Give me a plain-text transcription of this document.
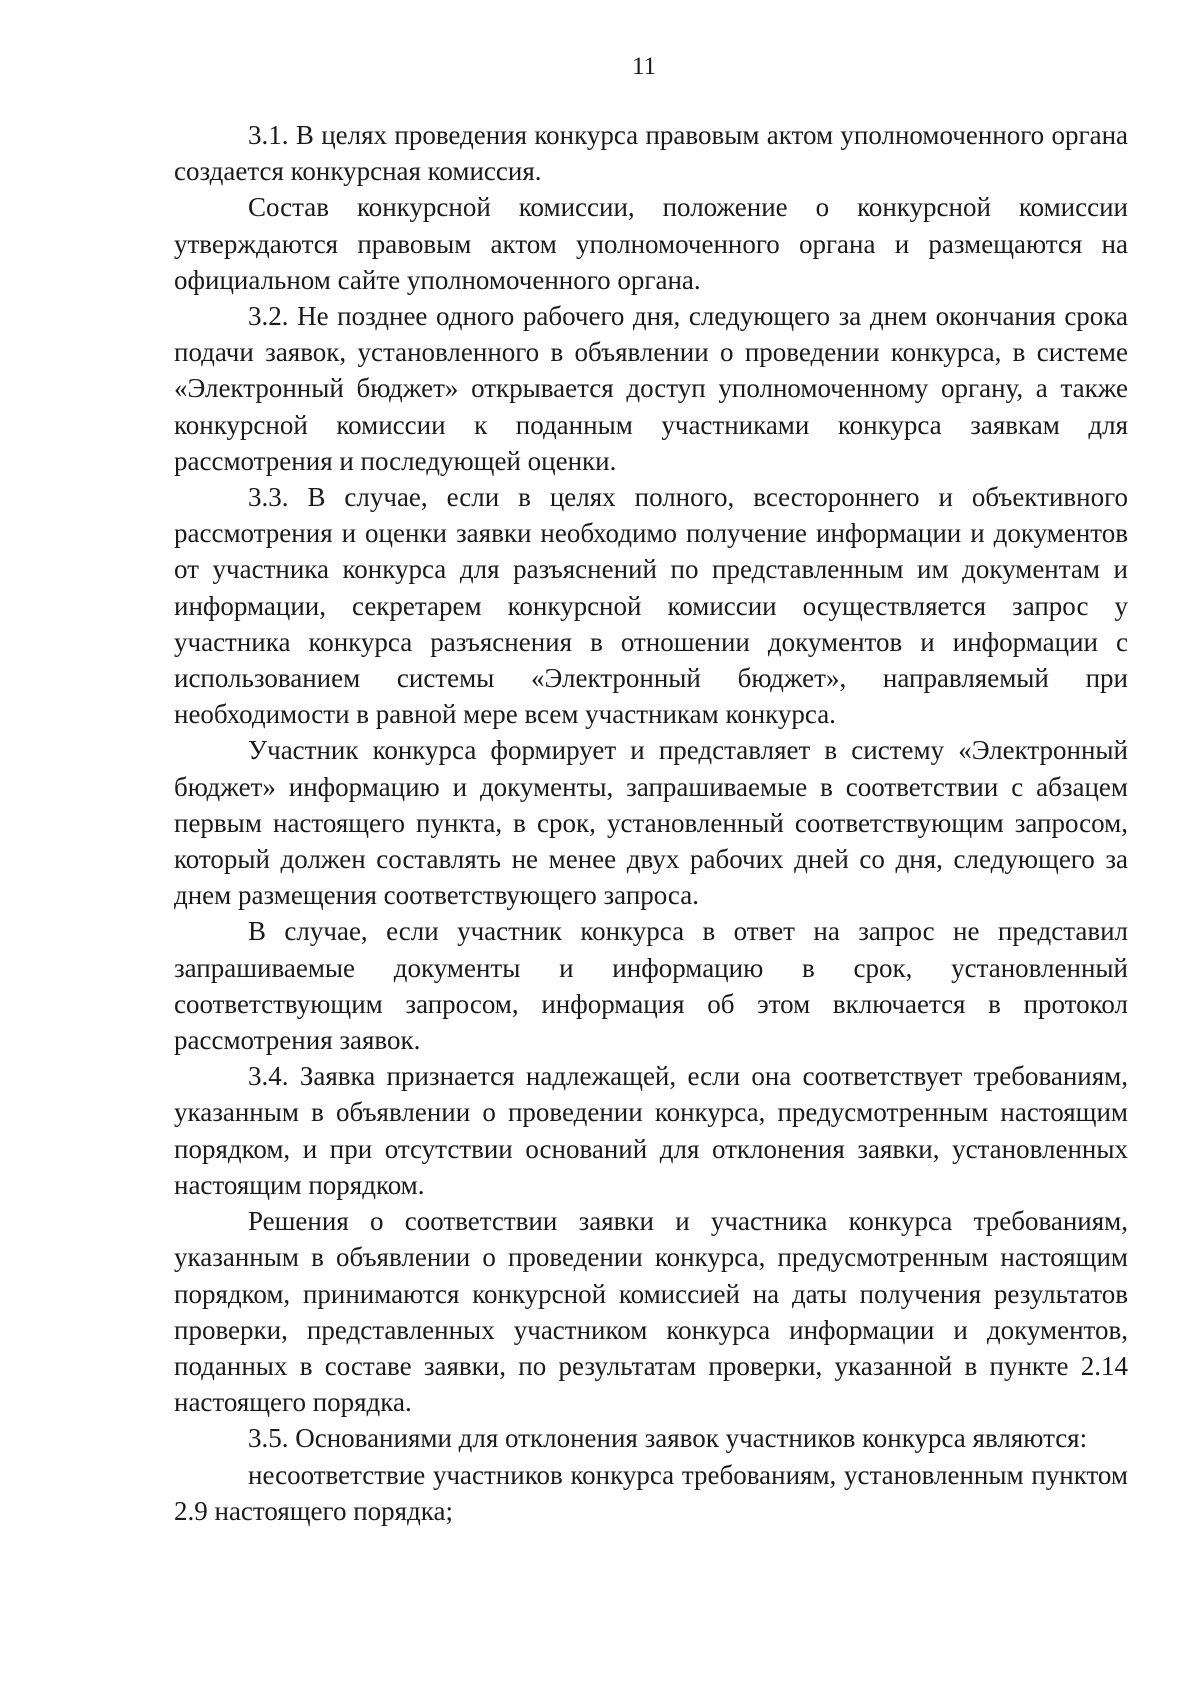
11

3.1. В целях проведения конкурса правовым актом уполномоченного органа создается конкурсная комиссия.

Состав конкурсной комиссии, положение о конкурсной комиссии утверждаются правовым актом уполномоченного органа и размещаются на официальном сайте уполномоченного органа.

3.2. Не позднее одного рабочего дня, следующего за днем окончания срока подачи заявок, установленного в объявлении о проведении конкурса, в системе «Электронный бюджет» открывается доступ уполномоченному органу, а также конкурсной комиссии к поданным участниками конкурса заявкам для рассмотрения и последующей оценки.

3.3. В случае, если в целях полного, всестороннего и объективного рассмотрения и оценки заявки необходимо получение информации и документов от участника конкурса для разъяснений по представленным им документам и информации, секретарем конкурсной комиссии осуществляется запрос у участника конкурса разъяснения в отношении документов и информации с использованием системы «Электронный бюджет», направляемый при необходимости в равной мере всем участникам конкурса.

Участник конкурса формирует и представляет в систему «Электронный бюджет» информацию и документы, запрашиваемые в соответствии с абзацем первым настоящего пункта, в срок, установленный соответствующим запросом, который должен составлять не менее двух рабочих дней со дня, следующего за днем размещения соответствующего запроса.

В случае, если участник конкурса в ответ на запрос не представил запрашиваемые документы и информацию в срок, установленный соответствующим запросом, информация об этом включается в протокол рассмотрения заявок.

3.4. Заявка признается надлежащей, если она соответствует требованиям, указанным в объявлении о проведении конкурса, предусмотренным настоящим порядком, и при отсутствии оснований для отклонения заявки, установленных настоящим порядком.

Решения о соответствии заявки и участника конкурса требованиям, указанным в объявлении о проведении конкурса, предусмотренным настоящим порядком, принимаются конкурсной комиссией на даты получения результатов проверки, представленных участником конкурса информации и документов, поданных в составе заявки, по результатам проверки, указанной в пункте 2.14 настоящего порядка.

3.5. Основаниями для отклонения заявок участников конкурса являются:

несоответствие участников конкурса требованиям, установленным пунктом 2.9 настоящего порядка;
